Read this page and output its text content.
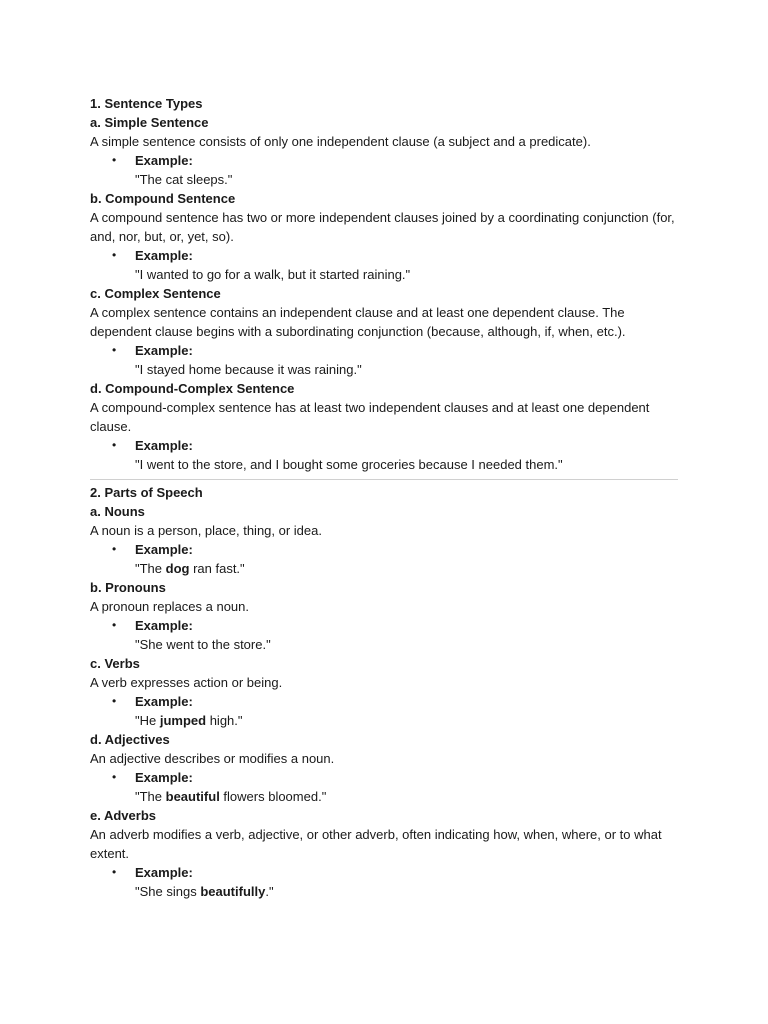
1. Sentence Types
a. Simple Sentence
A simple sentence consists of only one independent clause (a subject and a predicate).
• Example:
"The cat sleeps."
b. Compound Sentence
A compound sentence has two or more independent clauses joined by a coordinating conjunction (for, and, nor, but, or, yet, so).
• Example:
"I wanted to go for a walk, but it started raining."
c. Complex Sentence
A complex sentence contains an independent clause and at least one dependent clause. The dependent clause begins with a subordinating conjunction (because, although, if, when, etc.).
• Example:
"I stayed home because it was raining."
d. Compound-Complex Sentence
A compound-complex sentence has at least two independent clauses and at least one dependent clause.
• Example:
"I went to the store, and I bought some groceries because I needed them."
2. Parts of Speech
a. Nouns
A noun is a person, place, thing, or idea.
• Example:
"The dog ran fast."
b. Pronouns
A pronoun replaces a noun.
• Example:
"She went to the store."
c. Verbs
A verb expresses action or being.
• Example:
"He jumped high."
d. Adjectives
An adjective describes or modifies a noun.
• Example:
"The beautiful flowers bloomed."
e. Adverbs
An adverb modifies a verb, adjective, or other adverb, often indicating how, when, where, or to what extent.
• Example:
"She sings beautifully."
